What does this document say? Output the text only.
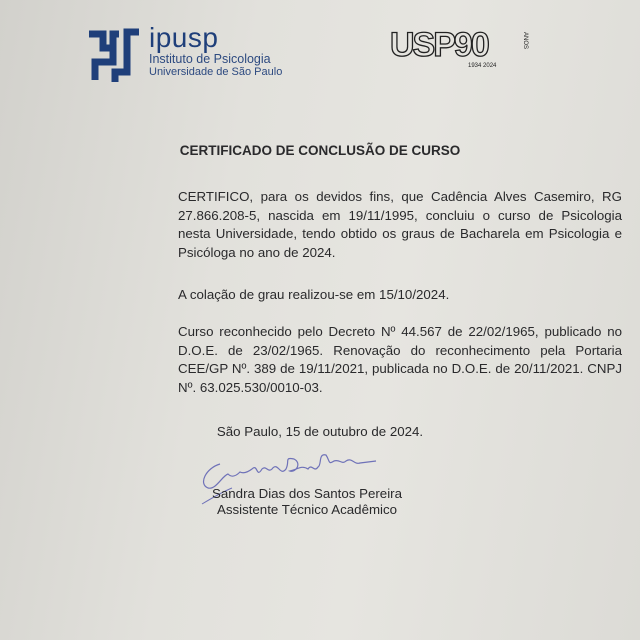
ipusp
Instituto de Psicologia
Universidade de São Paulo
USP90
1934 2024
ANOS
CERTIFICADO DE CONCLUSÃO DE CURSO
CERTIFICO, para os devidos fins, que Cadência Alves Casemiro, RG 27.866.208-5, nascida em 19/11/1995, concluiu o curso de Psicologia nesta Universidade, tendo obtido os graus de Bacharela em Psicologia e Psicóloga no ano de 2024.
A colação de grau realizou-se em 15/10/2024.
Curso reconhecido pelo Decreto Nº 44.567 de 22/02/1965, publicado no D.O.E. de 23/02/1965. Renovação do reconhecimento pela Portaria CEE/GP Nº. 389 de 19/11/2021, publicada no D.O.E. de 20/11/2021. CNPJ Nº. 63.025.530/0010-03.
São Paulo, 15 de outubro de 2024.
Sandra Dias dos Santos Pereira
Assistente Técnico Acadêmico
